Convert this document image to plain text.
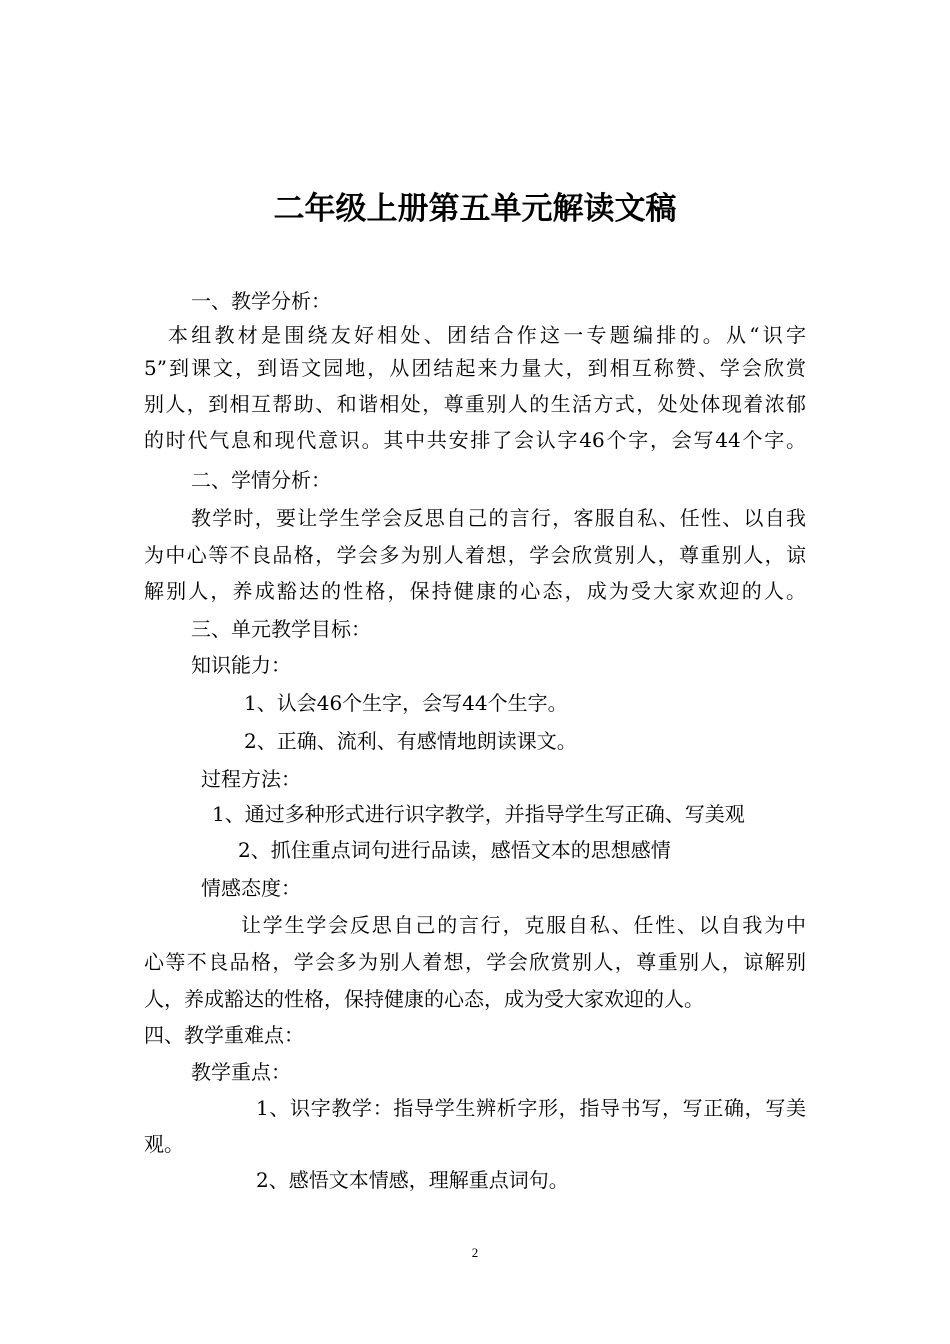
二年级上册第五单元解读文稿

一、教学分析：

本组教材是围绕友好相处、团结合作这一专题编排的。从“识字

5”到课文，到语文园地，从团结起来力量大，到相互称赞、学会欣赏

别人，到相互帮助、和谐相处，尊重别人的生活方式，处处体现着浓郁

的时代气息和现代意识。其中共安排了会认字46个字，会写44个字。

二、学情分析：

教学时，要让学生学会反思自己的言行，客服自私、任性、以自我

为中心等不良品格，学会多为别人着想，学会欣赏别人，尊重别人，谅

解别人，养成豁达的性格，保持健康的心态，成为受大家欢迎的人。

三、单元教学目标：

知识能力：

1、认会46个生字，会写44个生字。

2、正确、流利、有感情地朗读课文。

过程方法：

1、通过多种形式进行识字教学，并指导学生写正确、写美观

2、抓住重点词句进行品读，感悟文本的思想感情

情感态度：

让学生学会反思自己的言行，克服自私、任性、以自我为中

心等不良品格，学会多为别人着想，学会欣赏别人，尊重别人，谅解别

人，养成豁达的性格，保持健康的心态，成为受大家欢迎的人。

四、教学重难点：

教学重点：

1、识字教学：指导学生辨析字形，指导书写，写正确，写美

观。

2、感悟文本情感，理解重点词句。

2
